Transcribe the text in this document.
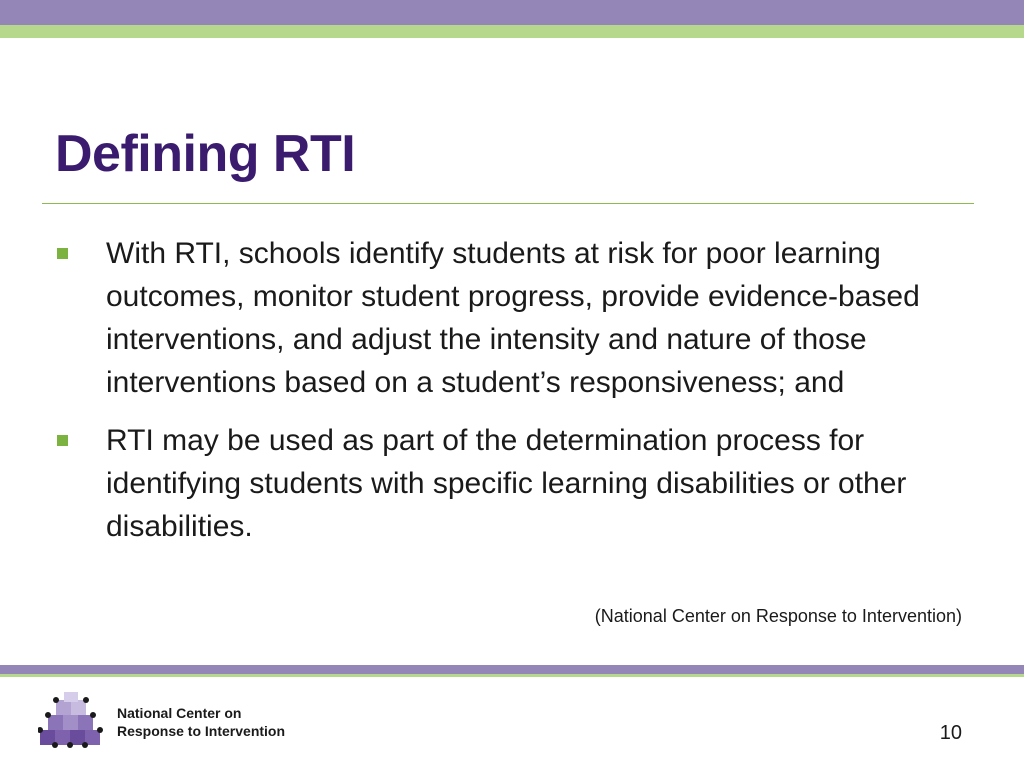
Defining RTI
With RTI, schools identify students at risk for poor learning outcomes, monitor student progress, provide evidence-based interventions, and adjust the intensity and nature of those interventions based on a student’s responsiveness; and
RTI may be used as part of the determination process for identifying students with specific learning disabilities or other disabilities.
(National Center on Response to Intervention)
National Center on
Response to Intervention	10
